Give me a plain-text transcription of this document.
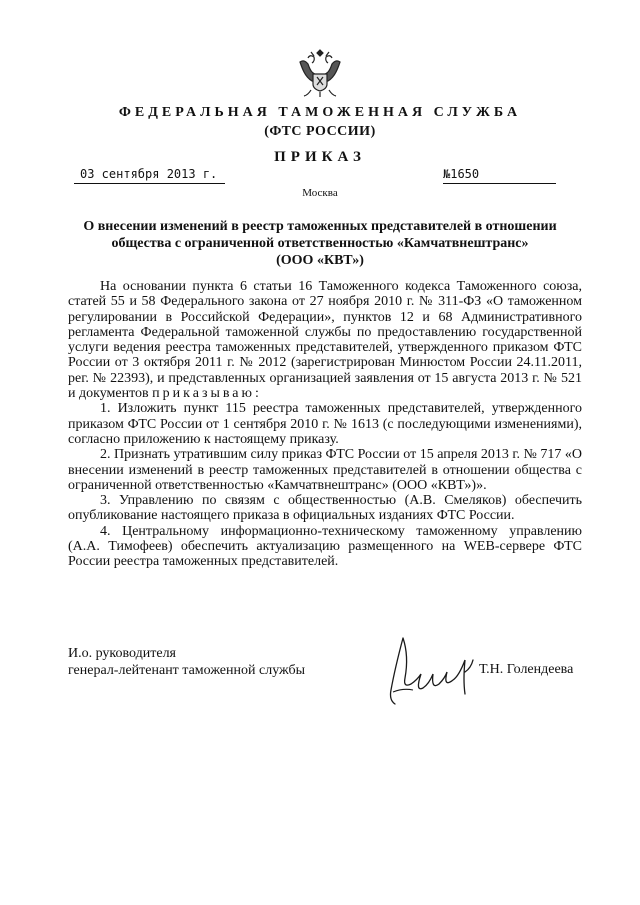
ФЕДЕРАЛЬНАЯ ТАМОЖЕННАЯ СЛУЖБА
(ФТС РОССИИ)
ПРИКАЗ
03 сентября 2013 г.	№1650
Москва
О внесении изменений в реестр таможенных представителей в отношении
общества с ограниченной ответственностью «Камчатвнештранс»
(ООО «КВТ»)

На основании пункта 6 статьи 16 Таможенного кодекса Таможенного союза, статей 55 и 58 Федерального закона от 27 ноября 2010 г. № 311-ФЗ «О таможенном регулировании в Российской Федерации», пунктов 12 и 68 Административного регламента Федеральной таможенной службы по предоставлению государственной услуги ведения реестра таможенных представителей, утвержденного приказом ФТС России от 3 октября 2011 г. № 2012 (зарегистрирован Минюстом России 24.11.2011, рег. № 22393), и представленных организацией заявления от 15 августа 2013 г. № 521 и документов приказываю:

1. Изложить пункт 115 реестра таможенных представителей, утвержденного приказом ФТС России от 1 сентября 2010 г. № 1613 (с последующими изменениями), согласно приложению к настоящему приказу.

2. Признать утратившим силу приказ ФТС России от 15 апреля 2013 г. № 717 «О внесении изменений в реестр таможенных представителей в отношении общества с ограниченной ответственностью «Камчатвнештранс» (ООО «КВТ»)».

3. Управлению по связям с общественностью (А.В. Смеляков) обеспечить опубликование настоящего приказа в официальных изданиях ФТС России.

4. Центральному информационно-техническому таможенному управлению (А.А. Тимофеев) обеспечить актуализацию размещенного на WEB-сервере ФТС России реестра таможенных представителей.

И.о. руководителя
генерал-лейтенант таможенной службы	Т.Н. Голендеева
